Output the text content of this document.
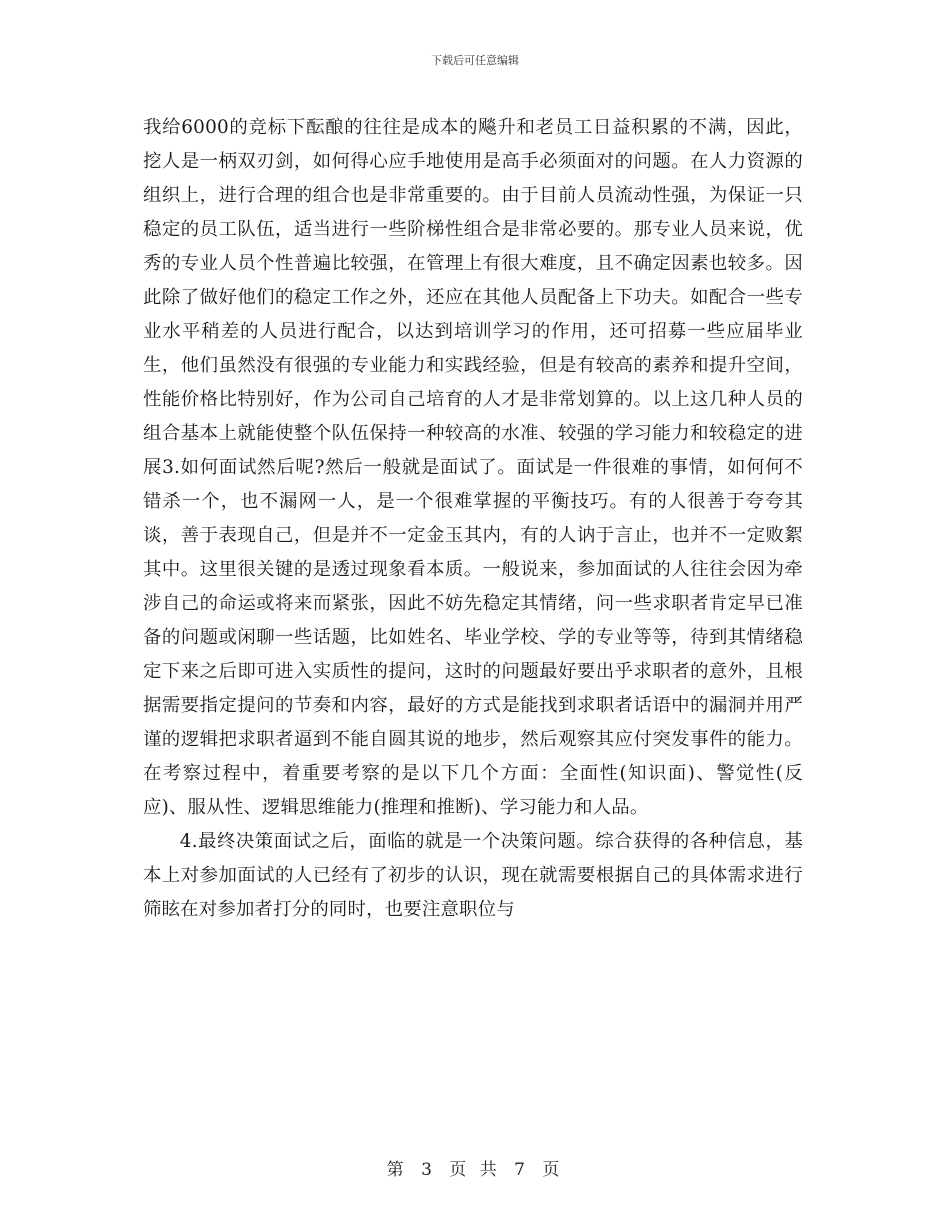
下载后可任意编辑

我给6000的竞标下酝酿的往往是成本的飚升和老员工日益积累的不满，因此，挖人是一柄双刃剑，如何得心应手地使用是高手必须面对的问题。在人力资源的组织上，进行合理的组合也是非常重要的。由于目前人员流动性强，为保证一只稳定的员工队伍，适当进行一些阶梯性组合是非常必要的。那专业人员来说，优秀的专业人员个性普遍比较强，在管理上有很大难度，且不确定因素也较多。因此除了做好他们的稳定工作之外，还应在其他人员配备上下功夫。如配合一些专业水平稍差的人员进行配合，以达到培训学习的作用，还可招募一些应届毕业生，他们虽然没有很强的专业能力和实践经验，但是有较高的素养和提升空间，性能价格比特别好，作为公司自己培育的人才是非常划算的。以上这几种人员的组合基本上就能使整个队伍保持一种较高的水准、较强的学习能力和较稳定的进展3.如何面试然后呢?然后一般就是面试了。面试是一件很难的事情，如何何不错杀一个，也不漏网一人，是一个很难掌握的平衡技巧。有的人很善于夸夸其谈，善于表现自己，但是并不一定金玉其内，有的人讷于言止，也并不一定败絮其中。这里很关键的是透过现象看本质。一般说来，参加面试的人往往会因为牵涉自己的命运或将来而紧张，因此不妨先稳定其情绪，问一些求职者肯定早已准备的问题或闲聊一些话题，比如姓名、毕业学校、学的专业等等，待到其情绪稳定下来之后即可进入实质性的提问，这时的问题最好要出乎求职者的意外，且根据需要指定提问的节奏和内容，最好的方式是能找到求职者话语中的漏洞并用严谨的逻辑把求职者逼到不能自圆其说的地步，然后观察其应付突发事件的能力。在考察过程中，着重要考察的是以下几个方面：全面性(知识面)、警觉性(反应)、服从性、逻辑思维能力(推理和推断)、学习能力和人品。

4.最终决策面试之后，面临的就是一个决策问题。综合获得的各种信息，基本上对参加面试的人已经有了初步的认识，现在就需要根据自己的具体需求进行筛眩在对参加者打分的同时，也要注意职位与

第 3 页 共 7 页
